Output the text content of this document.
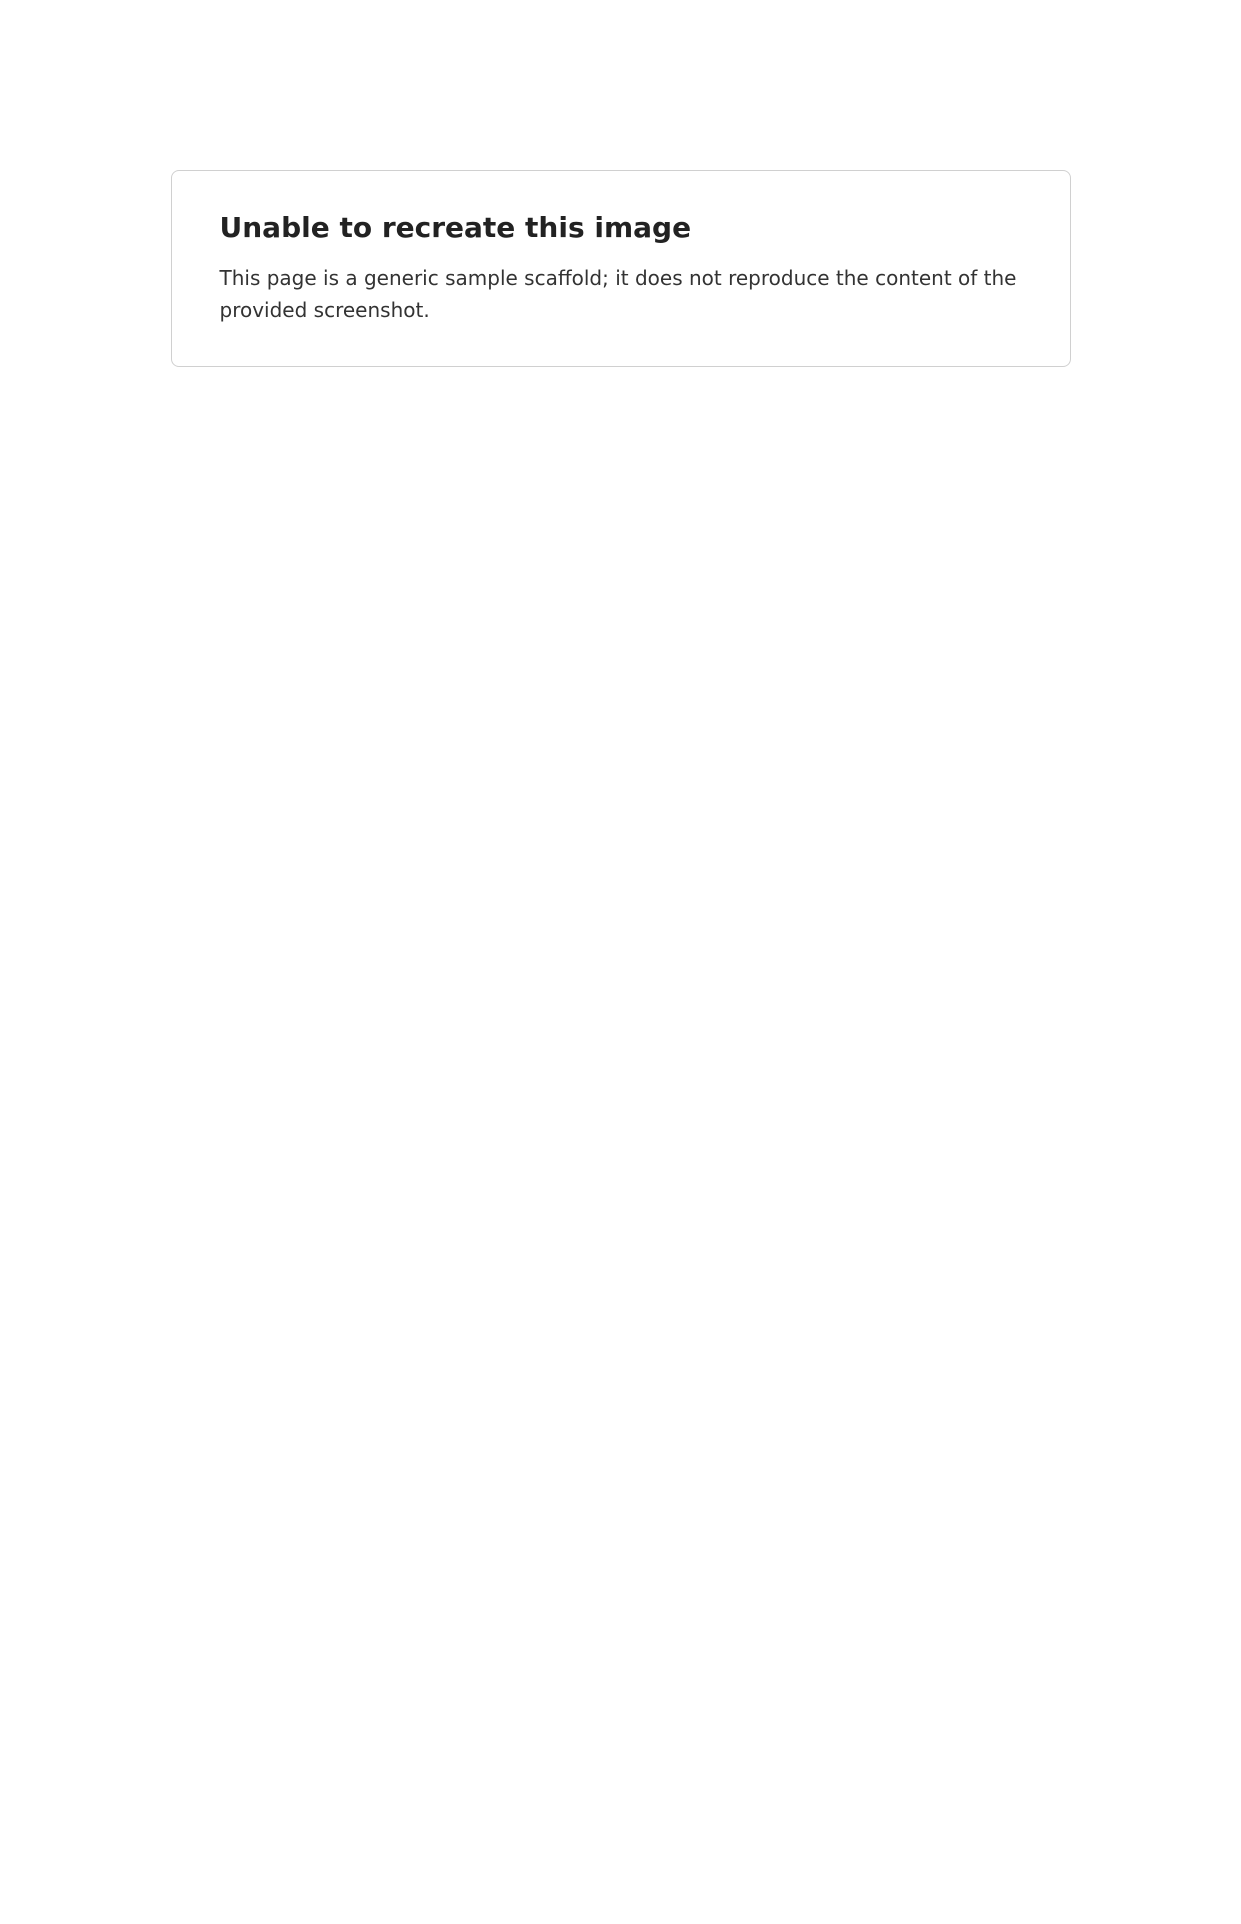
Unable to recreate this image

This page is a generic sample scaffold; it does not reproduce the content of the provided screenshot.
